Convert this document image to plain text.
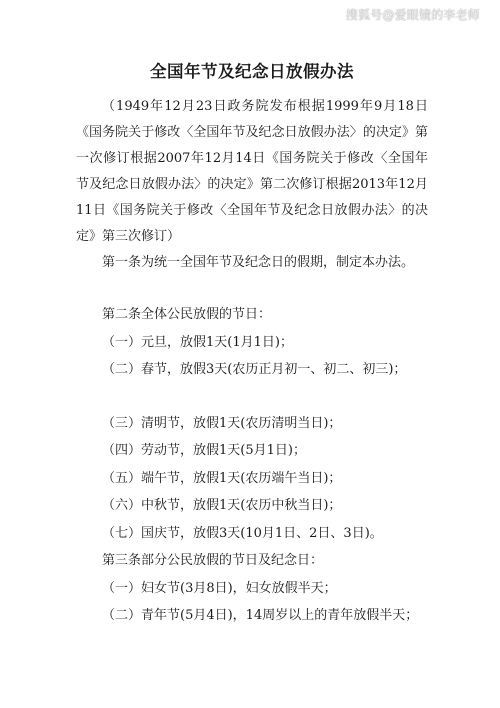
搜狐号@爱眼镜的李老师
全国年节及纪念日放假办法

（1949年12月23日政务院发布根据1999年9月18日《国务院关于修改〈全国年节及纪念日放假办法〉的决定》第一次修订根据2007年12月14日《国务院关于修改〈全国年节及纪念日放假办法〉的决定》第二次修订根据2013年12月11日《国务院关于修改〈全国年节及纪念日放假办法〉的决定》第三次修订）

第一条为统一全国年节及纪念日的假期，制定本办法。

第二条全体公民放假的节日：

（一）元旦，放假1天(1月1日)；

（二）春节，放假3天(农历正月初一、初二、初三)；

（三）清明节，放假1天(农历清明当日)；

（四）劳动节，放假1天(5月1日)；

（五）端午节，放假1天(农历端午当日)；

（六）中秋节，放假1天(农历中秋当日)；

（七）国庆节，放假3天(10月1日、2日、3日)。

第三条部分公民放假的节日及纪念日：

（一）妇女节(3月8日)，妇女放假半天；

（二）青年节(5月4日)，14周岁以上的青年放假半天；
